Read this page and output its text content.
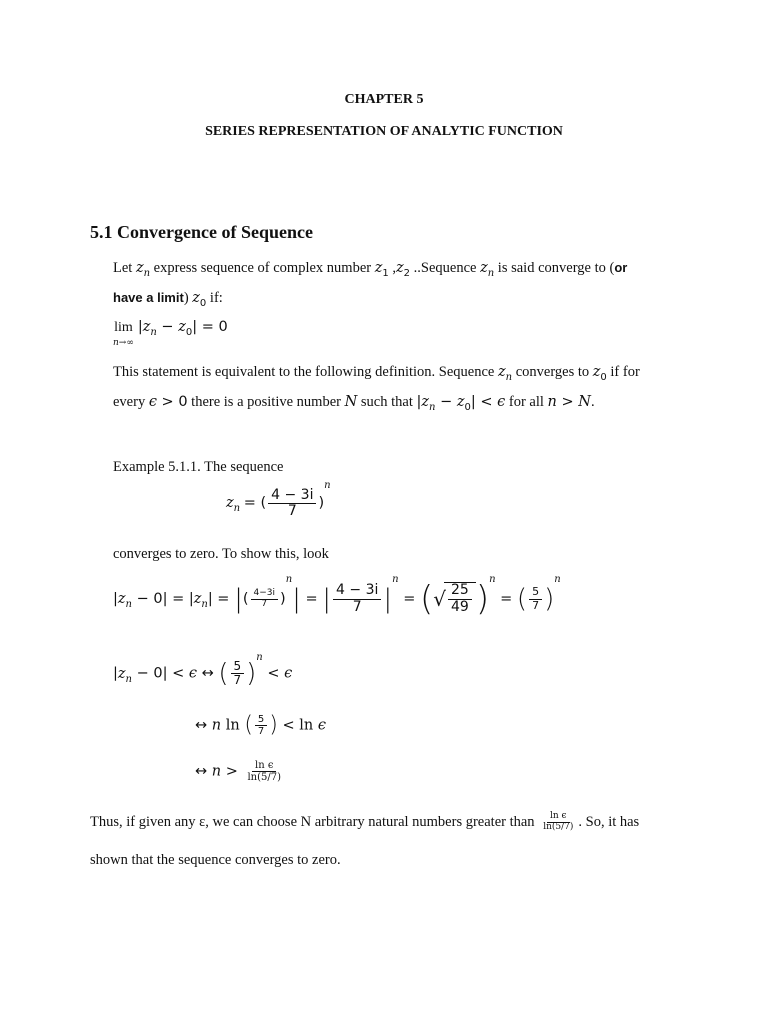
CHAPTER 5
SERIES REPRESENTATION OF ANALYTIC FUNCTION
5.1 Convergence of Sequence
Let $z_n$ express sequence of complex number $z_1$ $,z_2$ ..Sequence $z_n$ is said converge to (or
have a limit) $z_0$ if:
lim
$^{n\to\infty}$ $|z_n - z_0| = 0$
This statement is equivalent to the following definition. Sequence $z_n$ converges to $z_0$ if for
every ϵ > 0 there is a positive number N such that $|z_n - z_0| < \epsilon$ for all n > N.
Example 5.1.1. The sequence
$z_n$ = ( $\frac{4 - 3i}{7} )^n$
converges to zero. To show this, look
$|z_n - 0| = |z_n|$ = |( $\frac{4-3i}{7} )^n|$ = | $\frac{4 - 3i}{7} |^n$ = (√ $\frac{25}{49} )^n$ = ( $\frac{5}{7} )^n$
$|z_n - 0| < \epsilon$ ↔ ( $\frac{5}{7} )^n < \epsilon$
↔ n ln ( $\frac{5}{7}$ ) < ln ϵ
↔ $n > \frac{\text{ln ϵ}}{\ln(5/7)}$
Thus, if given any ε, we can choose N arbitrary natural numbers greater than $\frac{\text{ln ϵ}}{\ln(5/7)}$ . So, it has
shown that the sequence converges to zero.
